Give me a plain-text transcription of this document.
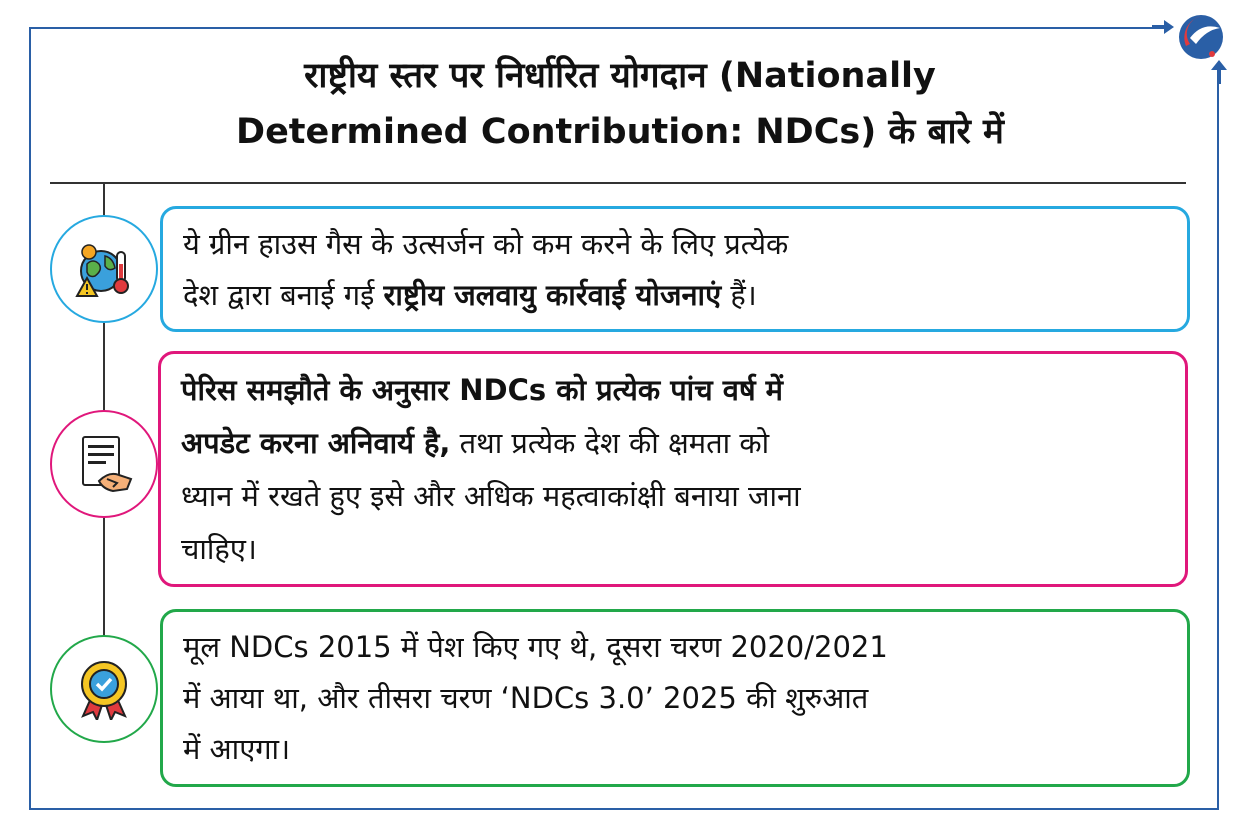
राष्ट्रीय स्तर पर निर्धारित योगदान (Nationally
Determined Contribution: NDCs) के बारे में

ये ग्रीन हाउस गैस के उत्सर्जन को कम करने के लिए प्रत्येक
देश द्वारा बनाई गई राष्ट्रीय जलवायु कार्रवाई योजनाएं हैं।

पेरिस समझौते के अनुसार NDCs को प्रत्येक पांच वर्ष में
अपडेट करना अनिवार्य है, तथा प्रत्येक देश की क्षमता को
ध्यान में रखते हुए इसे और अधिक महत्वाकांक्षी बनाया जाना
चाहिए।

मूल NDCs 2015 में पेश किए गए थे, दूसरा चरण 2020/2021
में आया था, और तीसरा चरण ‘NDCs 3.0’ 2025 की शुरुआत
में आएगा।
